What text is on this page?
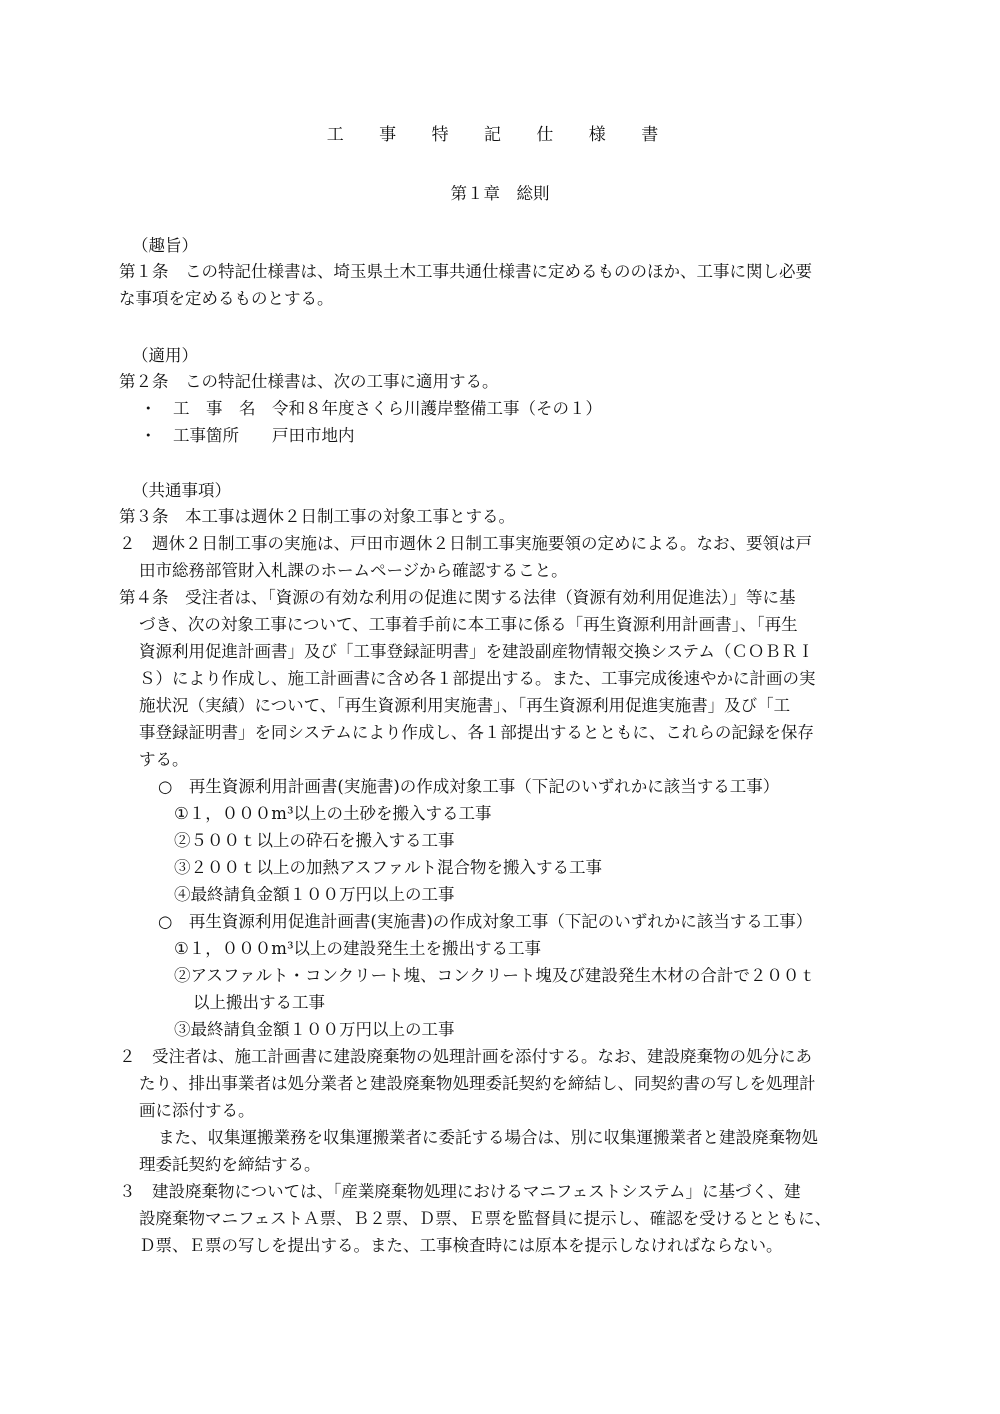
工 事 特 記 仕 様 書
第１章　総則
（趣旨）
第１条　この特記仕様書は、埼玉県土木工事共通仕様書に定めるもののほか、工事に関し必要
な事項を定めるものとする。
（適用）
第２条　この特記仕様書は、次の工事に適用する。
・　工　事　名　令和８年度さくら川護岸整備工事（その１）
・　工事箇所　　戸田市地内
（共通事項）
第３条　本工事は週休２日制工事の対象工事とする。
２　週休２日制工事の実施は、戸田市週休２日制工事実施要領の定めによる。なお、要領は戸
田市総務部管財入札課のホームページから確認すること。
第４条　受注者は、「資源の有効な利用の促進に関する法律（資源有効利用促進法）」等に基
づき、次の対象工事について、工事着手前に本工事に係る「再生資源利用計画書」、「再生
資源利用促進計画書」及び「工事登録証明書」を建設副産物情報交換システム（ＣＯＢＲＩ
Ｓ）により作成し、施工計画書に含め各１部提出する。また、工事完成後速やかに計画の実
施状況（実績）について、「再生資源利用実施書」、「再生資源利用促進実施書」及び「工
事登録証明書」を同システムにより作成し、各１部提出するとともに、これらの記録を保存
する。
○　再生資源利用計画書(実施書)の作成対象工事（下記のいずれかに該当する工事）
①１，０００m³以上の土砂を搬入する工事
②５００ｔ以上の砕石を搬入する工事
③２００ｔ以上の加熱アスファルト混合物を搬入する工事
④最終請負金額１００万円以上の工事
○　再生資源利用促進計画書(実施書)の作成対象工事（下記のいずれかに該当する工事）
①１，０００m³以上の建設発生土を搬出する工事
②アスファルト・コンクリート塊、コンクリート塊及び建設発生木材の合計で２００ｔ
以上搬出する工事
③最終請負金額１００万円以上の工事
２　受注者は、施工計画書に建設廃棄物の処理計画を添付する。なお、建設廃棄物の処分にあ
たり、排出事業者は処分業者と建設廃棄物処理委託契約を締結し、同契約書の写しを処理計
画に添付する。
また、収集運搬業務を収集運搬業者に委託する場合は、別に収集運搬業者と建設廃棄物処
理委託契約を締結する。
３　建設廃棄物については、「産業廃棄物処理におけるマニフェストシステム」に基づく、建
設廃棄物マニフェストＡ票、Ｂ２票、Ｄ票、Ｅ票を監督員に提示し、確認を受けるとともに、
Ｄ票、Ｅ票の写しを提出する。また、工事検査時には原本を提示しなければならない。
